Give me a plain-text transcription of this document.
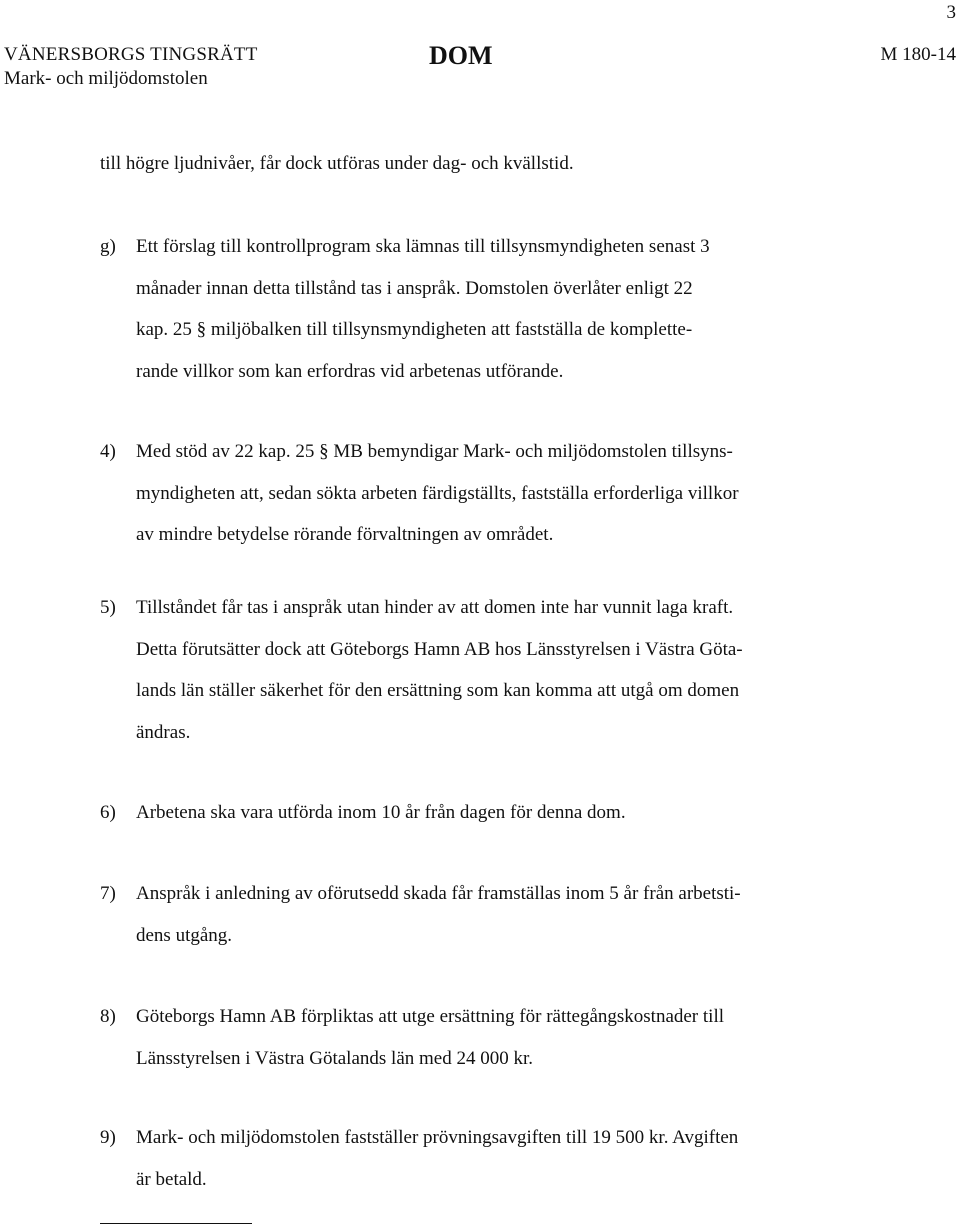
3
VÄNERSBORGS TINGSRÄTT
Mark- och miljödomstolen
DOM	M 180-14
till högre ljudnivåer, får dock utföras under dag- och kvällstid.
g) Ett förslag till kontrollprogram ska lämnas till tillsynsmyndigheten senast 3
månader innan detta tillstånd tas i anspråk. Domstolen överlåter enligt 22
kap. 25 § miljöbalken till tillsynsmyndigheten att fastställa de komplette-
rande villkor som kan erfordras vid arbetenas utförande.
4) Med stöd av 22 kap. 25 § MB bemyndigar Mark- och miljödomstolen tillsyns-
myndigheten att, sedan sökta arbeten färdigställts, fastställa erforderliga villkor
av mindre betydelse rörande förvaltningen av området.
5) Tillståndet får tas i anspråk utan hinder av att domen inte har vunnit laga kraft.
Detta förutsätter dock att Göteborgs Hamn AB hos Länsstyrelsen i Västra Göta-
lands län ställer säkerhet för den ersättning som kan komma att utgå om domen
ändras.
6) Arbetena ska vara utförda inom 10 år från dagen för denna dom.
7) Anspråk i anledning av oförutsedd skada får framställas inom 5 år från arbetsti-
dens utgång.
8) Göteborgs Hamn AB förpliktas att utge ersättning för rättegångskostnader till
Länsstyrelsen i Västra Götalands län med 24 000 kr.
9) Mark- och miljödomstolen fastställer prövningsavgiften till 19 500 kr. Avgiften
är betald.
